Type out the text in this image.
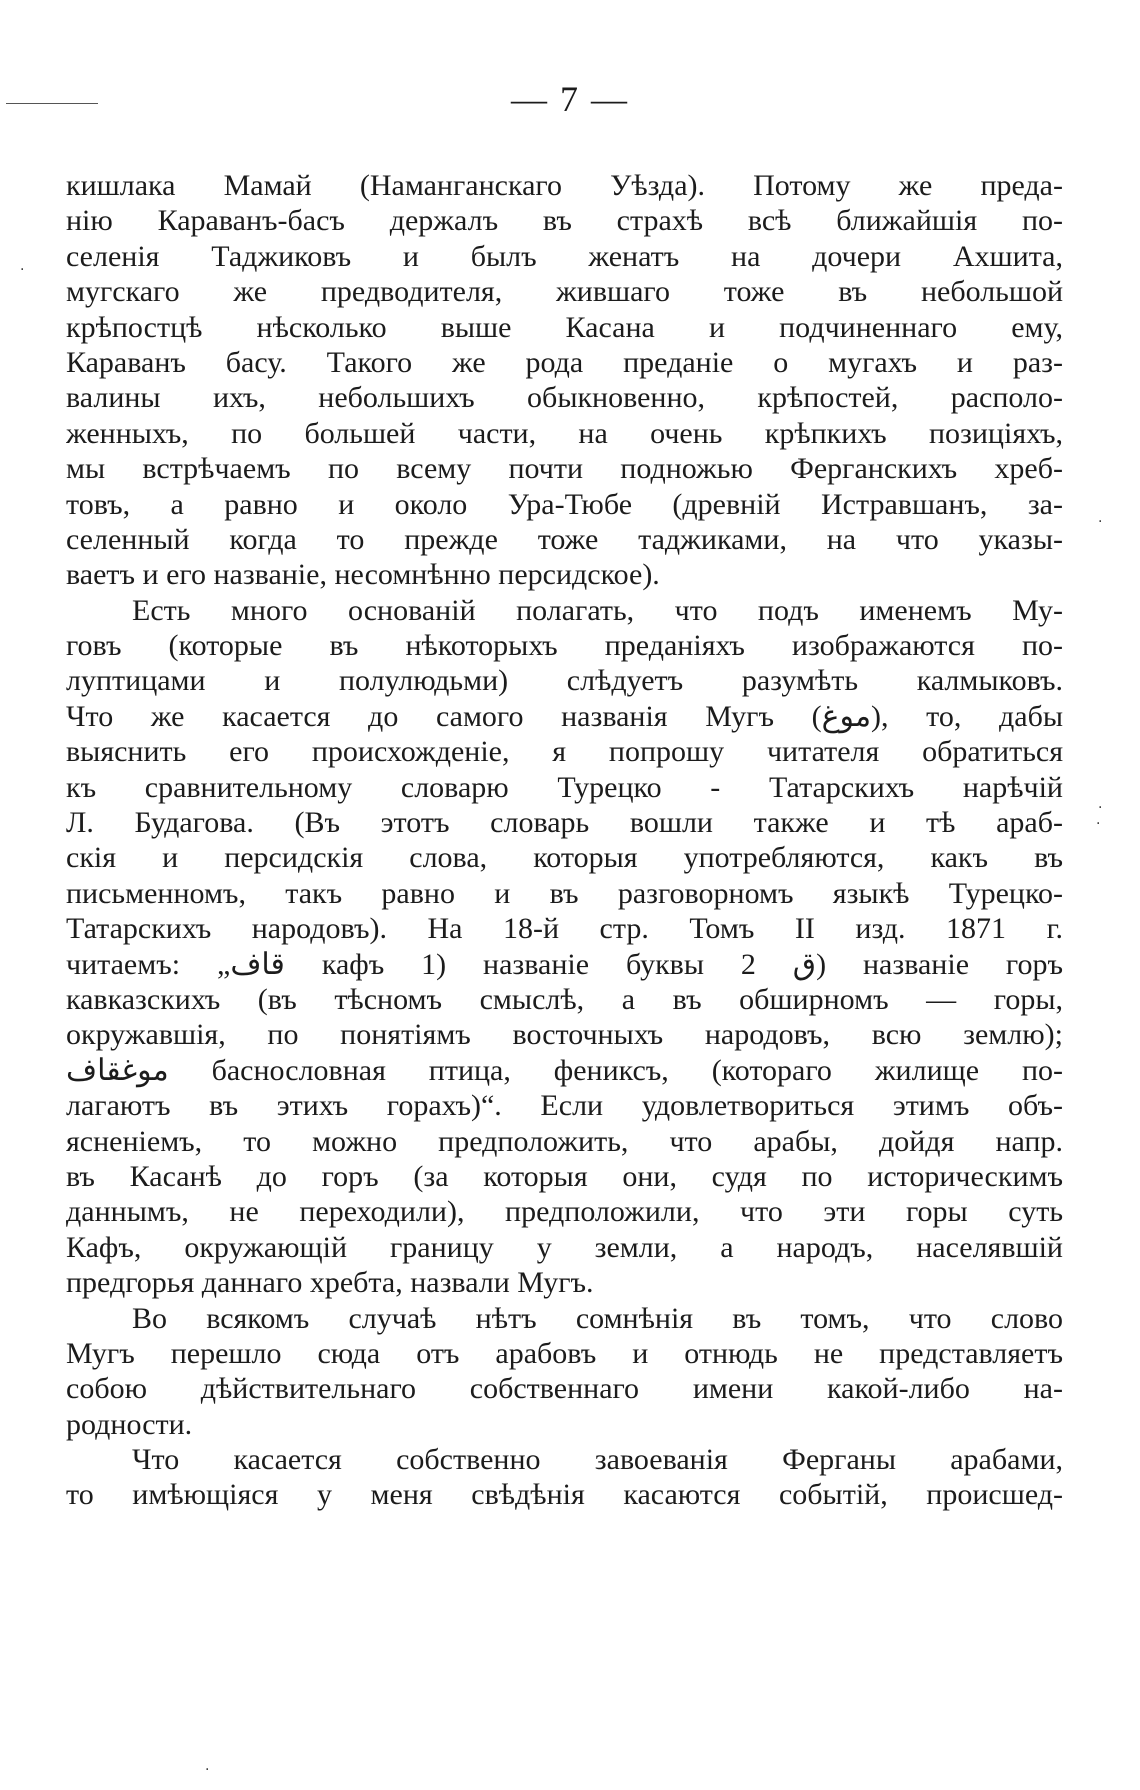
— 7 —
кишлака Мамай (Наманганскаго Уѣзда). Потому же преда-
нію Караванъ-басъ держалъ въ страхѣ всѣ ближайшія по-
селенія Таджиковъ и былъ женатъ на дочери Ахшита,
мугскаго же предводителя, жившаго тоже въ небольшой
крѣпостцѣ нѣсколько выше Касана и подчиненнаго ему,
Караванъ басу. Такого же рода преданіе о мугахъ и раз-
валины ихъ, небольшихъ обыкновенно, крѣпостей, располо-
женныхъ, по большей части, на очень крѣпкихъ позиціяхъ,
мы встрѣчаемъ по всему почти подножью Ферганскихъ хреб-
товъ, а равно и около Ура-Тюбе (древній Истравшанъ, за-
селенный когда то прежде тоже таджиками, на что указы-
ваетъ и его названіе, несомнѣнно персидское).
Есть много основаній полагать, что подъ именемъ Му-
говъ (которые въ нѣкоторыхъ преданіяхъ изображаются по-
луптицами и полулюдьми) слѣдуетъ разумѣть калмыковъ.
Что же касается до самого названія Мугъ (موغ), то, дабы
выяснить его происхожденіе, я попрошу читателя обратиться
къ сравнительному словарю Турецко - Татарскихъ нарѣчій
Л. Будагова. (Въ этотъ словарь вошли также и тѣ араб-
скія и персидскія слова, которыя употребляются, какъ въ
письменномъ, такъ равно и въ разговорномъ языкѣ Турецко-
Татарскихъ народовъ). На 18-й стр. Томъ II изд. 1871 г.
читаемъ: „قاف кафъ 1) названіе буквы ق 2) названіе горъ
кавказскихъ (въ тѣсномъ смыслѣ, а въ обширномъ — горы,
окружавшія, по понятіямъ восточныхъ народовъ, всю землю);
موغقاف баснословная птица, фениксъ, (котораго жилище по-
лагаютъ въ этихъ горахъ)“. Если удовлетвориться этимъ объ-
ясненіемъ, то можно предположить, что арабы, дойдя напр.
въ Касанѣ до горъ (за которыя они, судя по историческимъ
даннымъ, не переходили), предположили, что эти горы суть
Кафъ, окружающій границу у земли, а народъ, населявшій
предгорья даннаго хребта, назвали Мугъ.
Во всякомъ случаѣ нѣтъ сомнѣнія въ томъ, что слово
Мугъ перешло сюда отъ арабовъ и отнюдь не представляетъ
собою дѣйствительнаго собственнаго имени какой-либо на-
родности.
Что касается собственно завоеванія Ферганы арабами,
то имѣющіяся у меня свѣдѣнія касаются событій, происшед-
·
·
·
·
·
